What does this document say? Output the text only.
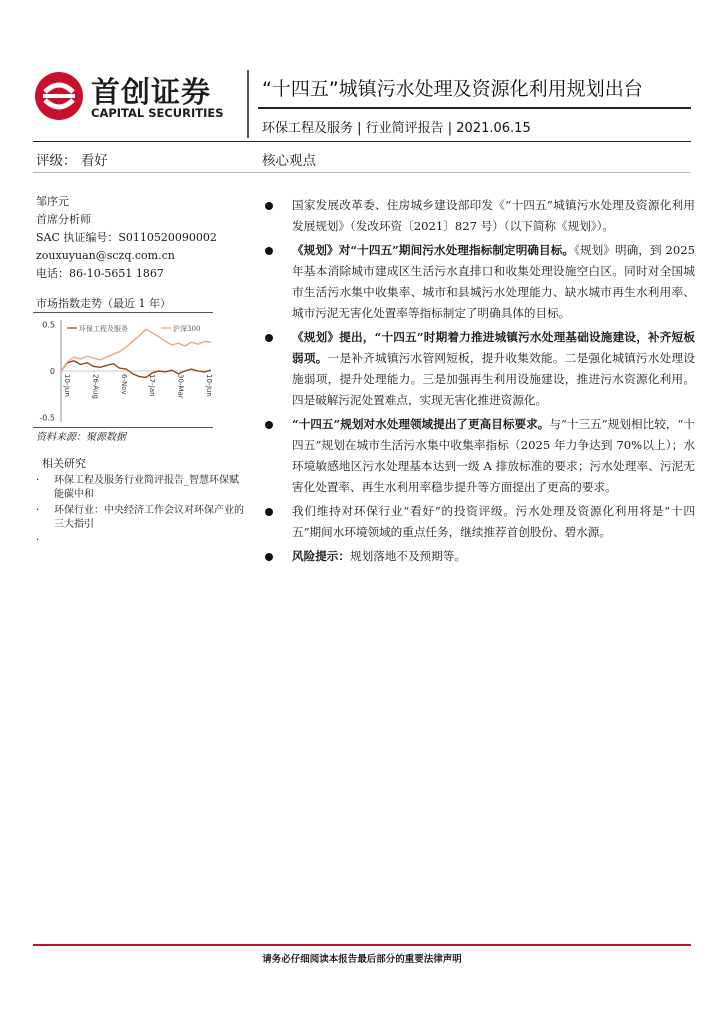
首创证券
CAPITAL SECURITIES
“十四五”城镇污水处理及资源化利用规划出台
环保工程及服务 | 行业简评报告 | 2021.06.15
评级： 看好	核心观点
邹序元
首席分析师
SAC 执证编号：S0110520090002
zouxuyuan@sczq.com.cn
电话：86-10-5651 1867
市场指数走势（最近 1 年）
0.5
0
-0.5
10-Jun	26-Aug	6-Nov	17-Jan	30-Mar	10-Jun
环保工程及服务	沪深300
资料来源：聚源数据
相关研究
· 环保工程及服务行业简评报告_智慧环保赋能碳中和
· 环保行业：中央经济工作会议对环保产业的三大指引
·
国家发展改革委、住房城乡建设部印发《“十四五”城镇污水处理及资源化利用发展规划》（发改环资〔2021〕827 号）（以下简称《规划》）。
《规划》对“十四五”期间污水处理指标制定明确目标。《规划》明确，到 2025 年基本消除城市建成区生活污水直排口和收集处理设施空白区。同时对全国城市生活污水集中收集率、城市和县城污水处理能力、缺水城市再生水利用率、城市污泥无害化处置率等指标制定了明确具体的目标。
《规划》提出，“十四五”时期着力推进城镇污水处理基础设施建设，补齐短板弱项。一是补齐城镇污水管网短板，提升收集效能。二是强化城镇污水处理设施弱项，提升处理能力。三是加强再生利用设施建设，推进污水资源化利用。四是破解污泥处置难点，实现无害化推进资源化。
“十四五”规划对水处理领域提出了更高目标要求。与“十三五”规划相比较，“十四五”规划在城市生活污水集中收集率指标（2025 年力争达到 70%以上）；水环境敏感地区污水处理基本达到一级 A 排放标准的要求；污水处理率、污泥无害化处置率、再生水利用率稳步提升等方面提出了更高的要求。
我们维持对环保行业“看好”的投资评级。污水处理及资源化利用将是“十四五”期间水环境领域的重点任务，继续推荐首创股份、碧水源。
风险提示：规划落地不及预期等。
请务必仔细阅读本报告最后部分的重要法律声明
